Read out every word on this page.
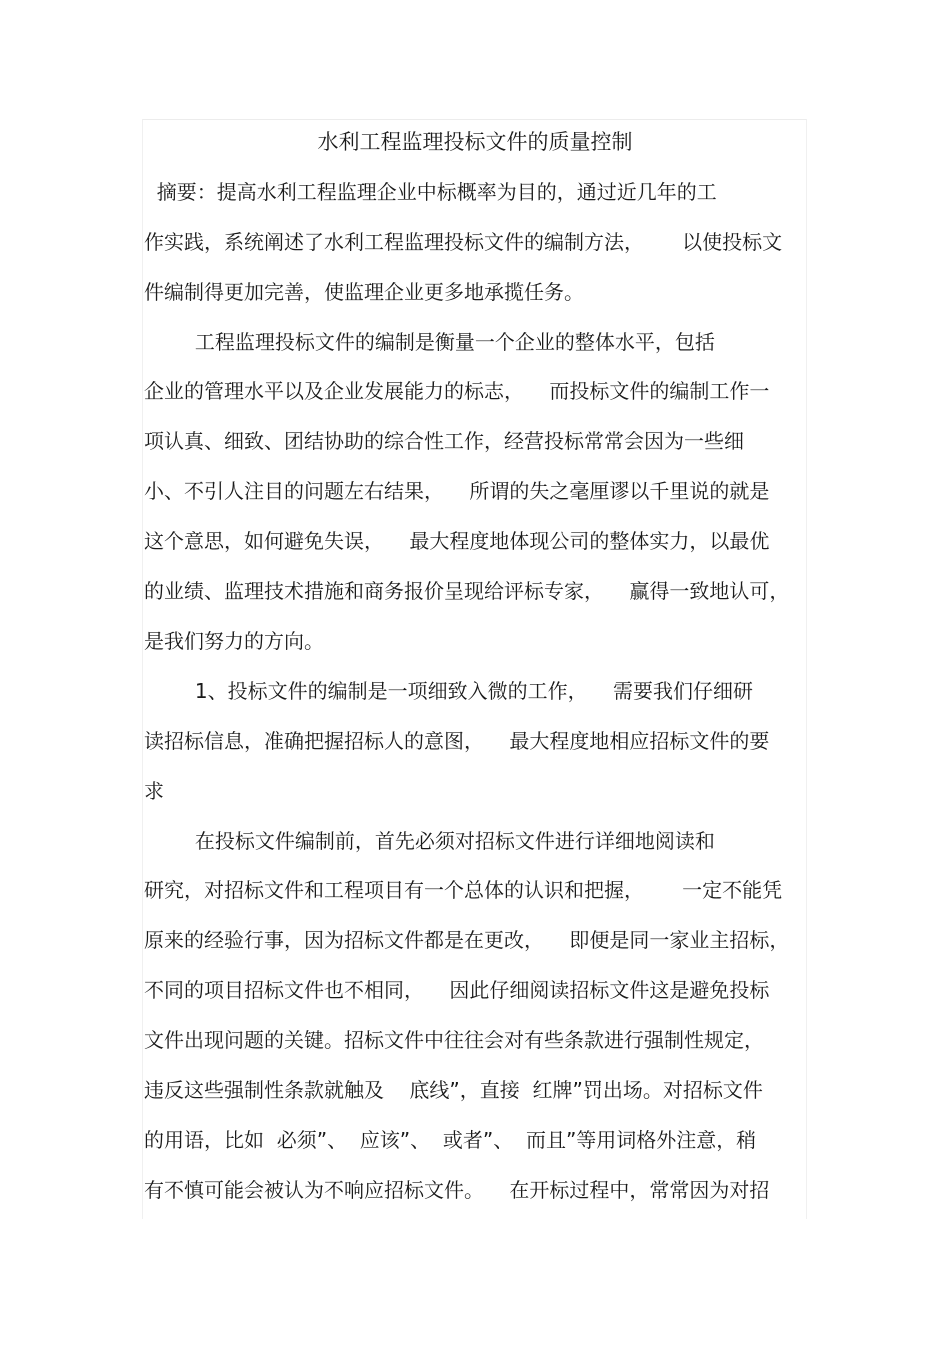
水利工程监理投标文件的质量控制
摘要：提高水利工程监理企业中标概率为目的，通过近几年的工
作实践，系统阐述了水利工程监理投标文件的编制方法，      以使投标文
件编制得更加完善，使监理企业更多地承揽任务。
工程监理投标文件的编制是衡量一个企业的整体水平，包括
企业的管理水平以及企业发展能力的标志，    而投标文件的编制工作一
项认真、细致、团结协助的综合性工作，经营投标常常会因为一些细
小、不引人注目的问题左右结果，    所谓的失之毫厘谬以千里说的就是
这个意思，如何避免失误，    最大程度地体现公司的整体实力，以最优
的业绩、监理技术措施和商务报价呈现给评标专家，    赢得一致地认可，
是我们努力的方向。
1、投标文件的编制是一项细致入微的工作，    需要我们仔细研
读招标信息，准确把握招标人的意图，    最大程度地相应招标文件的要
求
在投标文件编制前，首先必须对招标文件进行详细地阅读和
研究，对招标文件和工程项目有一个总体的认识和把握，      一定不能凭
原来的经验行事，因为招标文件都是在更改，    即便是同一家业主招标，
不同的项目招标文件也不相同，    因此仔细阅读招标文件这是避免投标
文件出现问题的关键。招标文件中往往会对有些条款进行强制性规定，
违反这些强制性条款就触及    底线”，直接  红牌”罚出场。对招标文件
的用语，比如  必须”、  应该”、  或者”、  而且”等用词格外注意，稍
有不慎可能会被认为不响应招标文件。    在开标过程中，常常因为对招
